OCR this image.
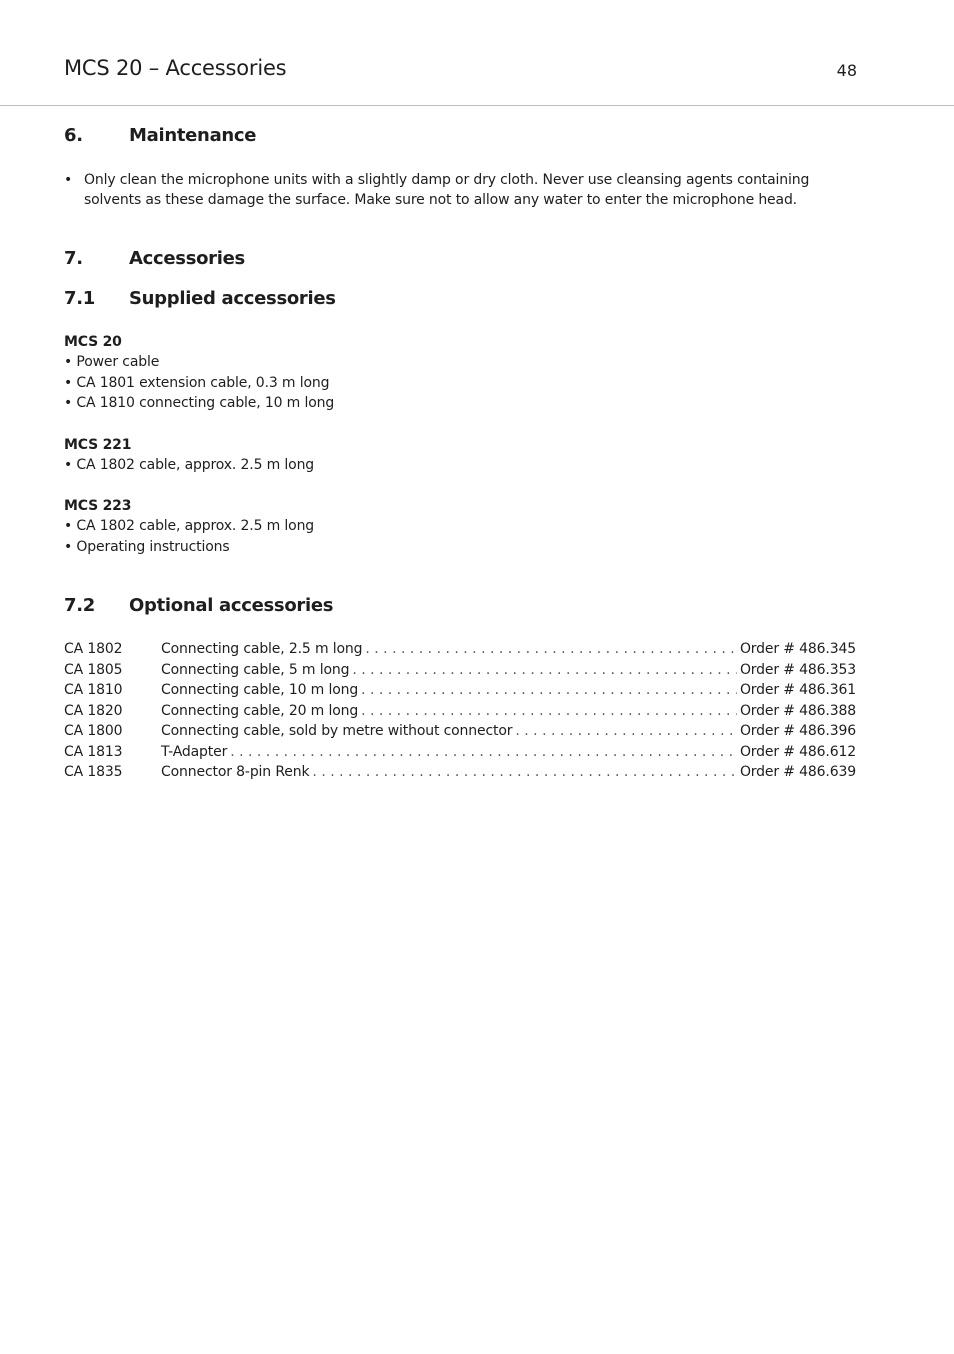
MCS 20 – Accessories	48
6.	Maintenance
• Only clean the microphone units with a slightly damp or dry cloth. Never use cleansing agents containing solvents as these damage the surface. Make sure not to allow any water to enter the microphone head.
7.	Accessories
7.1 Supplied accessories
MCS 20
• Power cable
• CA 1801 extension cable, 0.3 m long
• CA 1810 connecting cable, 10 m long
MCS 221
• CA 1802 cable, approx. 2.5 m long
MCS 223
• CA 1802 cable, approx. 2.5 m long
• Operating instructions
7.2 Optional accessories
CA 1802	Connecting cable, 2.5 m long . . .	Order # 486.345
CA 1805	Connecting cable, 5 m long . . .	Order # 486.353
CA 1810	Connecting cable, 10 m long . . .	Order # 486.361
CA 1820	Connecting cable, 20 m long . . .	Order # 486.388
CA 1800	Connecting cable, sold by metre without connector . . .	Order # 486.396
CA 1813	T-Adapter . . .	Order # 486.612
CA 1835	Connector 8-pin Renk . . .	Order # 486.639
